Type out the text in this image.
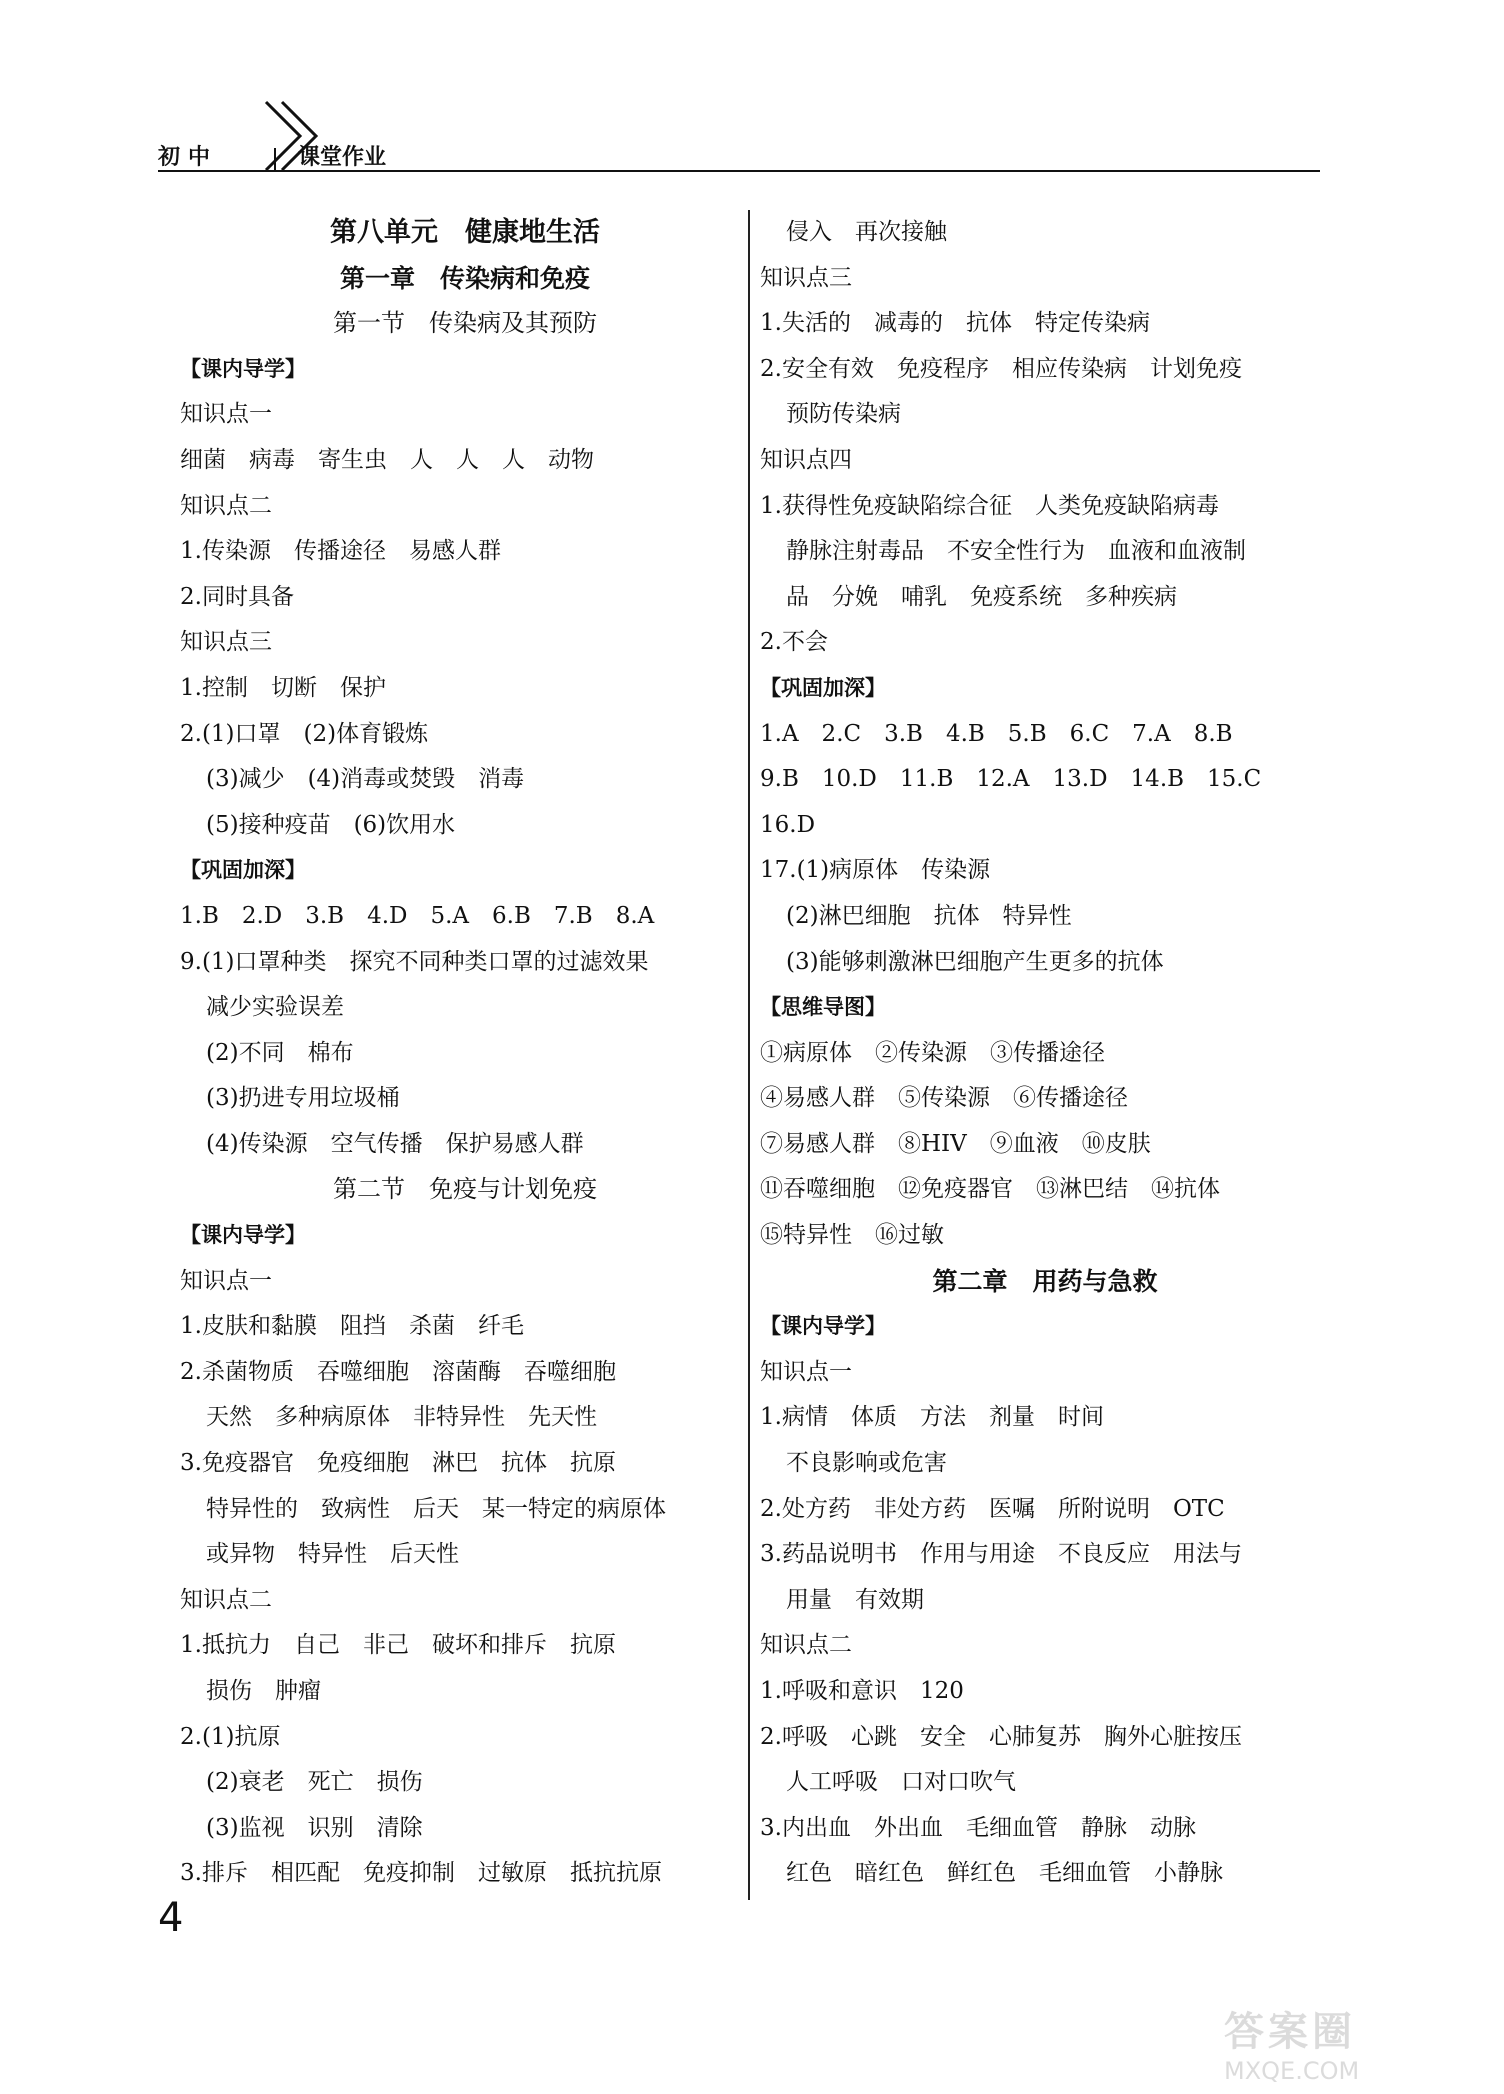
初中	课堂作业
第八单元　健康地生活
第一章　传染病和免疫
第一节　传染病及其预防
【课内导学】
知识点一
细菌　病毒　寄生虫　人　人　人　动物
知识点二
1.传染源　传播途径　易感人群
2.同时具备
知识点三
1.控制　切断　保护
2.(1)口罩　(2)体育锻炼
(3)减少　(4)消毒或焚毁　消毒
(5)接种疫苗　(6)饮用水
【巩固加深】
1.B　2.D　3.B　4.D　5.A　6.B　7.B　8.A
9.(1)口罩种类　探究不同种类口罩的过滤效果
减少实验误差
(2)不同　棉布
(3)扔进专用垃圾桶
(4)传染源　空气传播　保护易感人群
第二节　免疫与计划免疫
【课内导学】
知识点一
1.皮肤和黏膜　阻挡　杀菌　纤毛
2.杀菌物质　吞噬细胞　溶菌酶　吞噬细胞
天然　多种病原体　非特异性　先天性
3.免疫器官　免疫细胞　淋巴　抗体　抗原
特异性的　致病性　后天　某一特定的病原体
或异物　特异性　后天性
知识点二
1.抵抗力　自己　非己　破坏和排斥　抗原
损伤　肿瘤
2.(1)抗原
(2)衰老　死亡　损伤
(3)监视　识别　清除
3.排斥　相匹配　免疫抑制　过敏原　抵抗抗原
侵入　再次接触
知识点三
1.失活的　减毒的　抗体　特定传染病
2.安全有效　免疫程序　相应传染病　计划免疫
预防传染病
知识点四
1.获得性免疫缺陷综合征　人类免疫缺陷病毒
静脉注射毒品　不安全性行为　血液和血液制
品　分娩　哺乳　免疫系统　多种疾病
2.不会
【巩固加深】
1.A　2.C　3.B　4.B　5.B　6.C　7.A　8.B
9.B　10.D　11.B　12.A　13.D　14.B　15.C
16.D
17.(1)病原体　传染源
(2)淋巴细胞　抗体　特异性
(3)能够刺激淋巴细胞产生更多的抗体
【思维导图】
①病原体　②传染源　③传播途径
④易感人群　⑤传染源　⑥传播途径
⑦易感人群　⑧HIV　⑨血液　⑩皮肤
⑪吞噬细胞　⑫免疫器官　⑬淋巴结　⑭抗体
⑮特异性　⑯过敏
第二章　用药与急救
【课内导学】
知识点一
1.病情　体质　方法　剂量　时间
不良影响或危害
2.处方药　非处方药　医嘱　所附说明　OTC
3.药品说明书　作用与用途　不良反应　用法与
用量　有效期
知识点二
1.呼吸和意识　120
2.呼吸　心跳　安全　心肺复苏　胸外心脏按压
人工呼吸　口对口吹气
3.内出血　外出血　毛细血管　静脉　动脉
红色　暗红色　鲜红色　毛细血管　小静脉
4
答案圈
MXQE.COM
